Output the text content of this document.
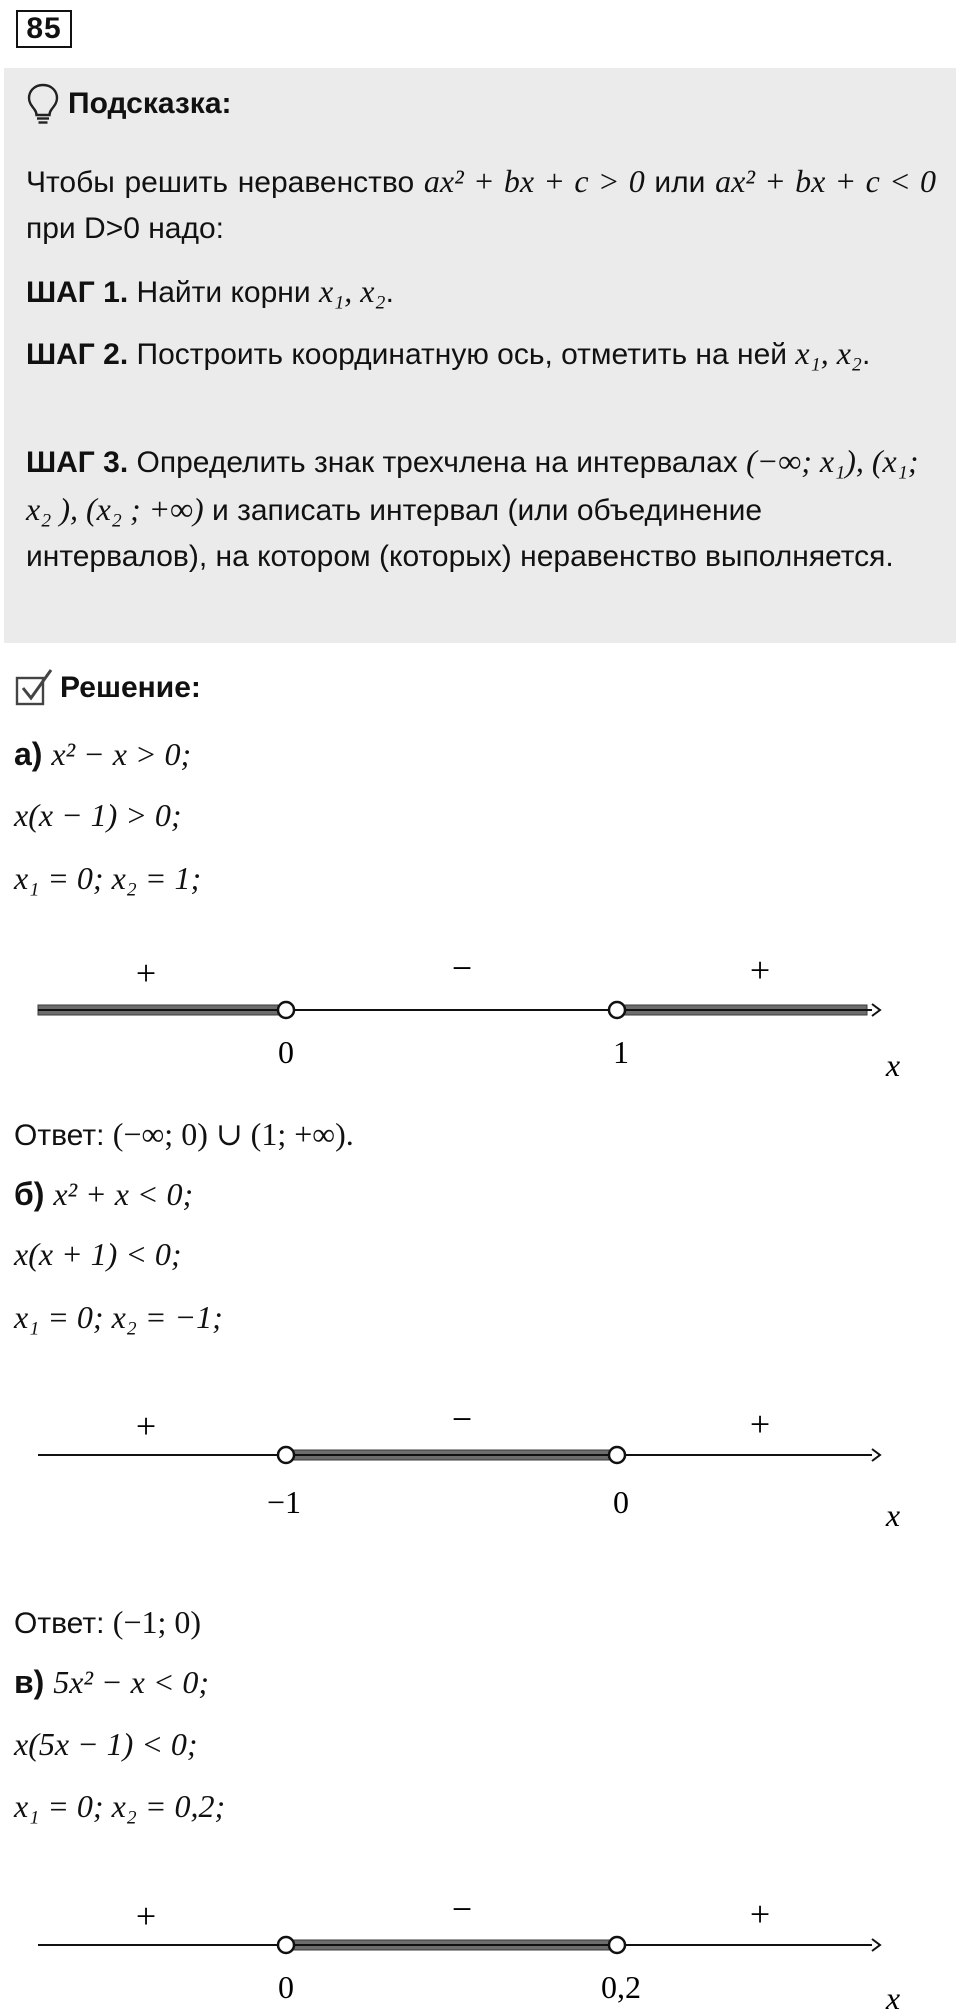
85
Подсказка:
Чтобы решить неравенство ax² + bx + c > 0 или ax² + bx + c < 0 при D>0 надо:
ШАГ 1. Найти корни x₁, x₂.
ШАГ 2. Построить координатную ось, отметить на ней x₁, x₂.
ШАГ 3. Определить знак трехчлена на интервалах (−∞; x₁), (x₁; x₂ ), (x₂ ; +∞) и записать интервал (или объединение интервалов), на котором (которых) неравенство выполняется.
Решение:
а) x² − x > 0;
x(x − 1) > 0;
x₁ = 0; x₂ = 1;
+	−	+
0	1	x
Ответ: (−∞; 0) ∪ (1; +∞).
б) x² + x < 0;
x(x + 1) < 0;
x₁ = 0; x₂ = −1;
+	−	+
−1	0	x
Ответ: (−1; 0)
в) 5x² − x < 0;
x(5x − 1) < 0;
x₁ = 0; x₂ = 0,2;
+	−	+
0	0,2	x
